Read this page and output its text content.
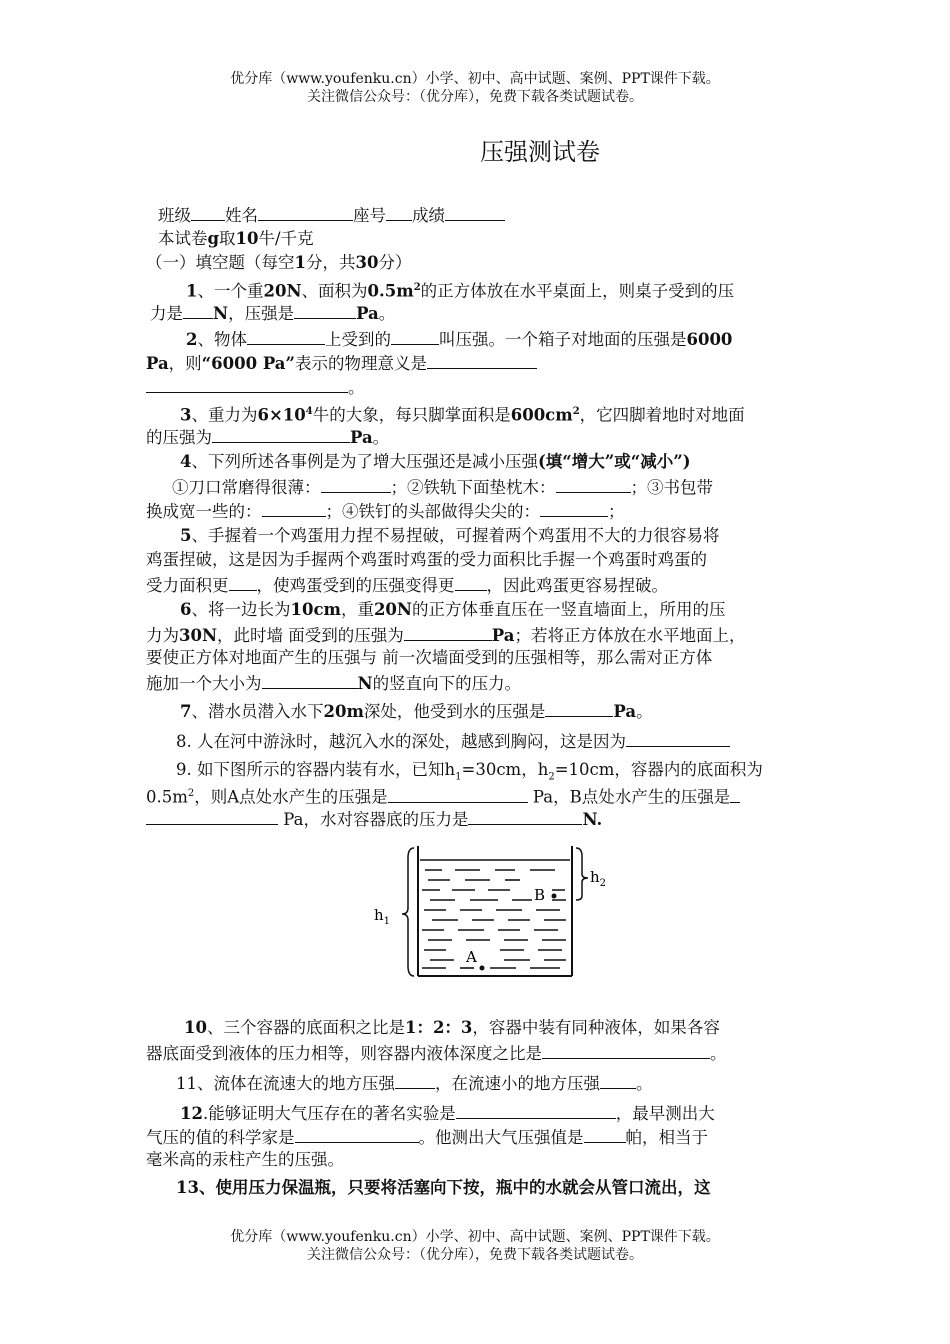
优分库（www.youfenku.cn）小学、初中、高中试题、案例、PPT课件下载。
关注微信公众号：（优分库），免费下载各类试题试卷。
压强测试卷
班级 姓名	座号 成绩
本试卷g取10牛/千克
（一）填空题（每空1分，共30分）
1、一个重20N、面积为$0.5m^2$的正方体放在水平桌面上，则桌子受到的压
力是 N，压强是	Pa。
2、物体	上受到的	叫压强。一个箱子对地面的压强是6000
Pa，则“6000 Pa”表示的物理意义是
。
3、重力为$6\times 10^4$牛的大象，每只脚掌面积是$600cm^2$，它四脚着地时对地面
的压强为	Pa。
4、下列所述各事例是为了增大压强还是减小压强(填“增大”或“减小”)
①刀口常磨得很薄：	；②铁轨下面垫枕木：	；③书包带
换成宽一些的：	；④铁钉的头部做得尖尖的：	；
5、手握着一个鸡蛋用力捏不易捏破，可握着两个鸡蛋用不大的力很容易将
鸡蛋捏破，这是因为手握两个鸡蛋时鸡蛋的受力面积比手握一个鸡蛋时鸡蛋的
受力面积更 ，使鸡蛋受到的压强变得更 ，因此鸡蛋更容易捏破。
6、将一边长为10cm，重20N的正方体垂直压在一竖直墙面上，所用的压
力为30N，此时墙 面受到的压强为	Pa；若将正方体放在水平地面上，
要使正方体对地面产生的压强与 前一次墙面受到的压强相等，那么需对正方体
施加一个大小为	N的竖直向下的压力。
7、潜水员潜入水下20m深处，他受到水的压强是	Pa。
8. 人在河中游泳时，越沉入水的深处，越感到胸闷，这是因为
9. 如下图所示的容器内装有水，已知$h_1=30cm$，$h_2=10cm$，容器内的底面积为
$0.5m^2$，则A点处水产生的压强是	Pa，B点处水产生的压强是
Pa，水对容器底的压力是	N.
$h_1$
$h_2$
B
A
10、三个容器的底面积之比是1：2：3，容器中装有同种液体，如果各容
器底面受到液体的压力相等，则容器内液体深度之比是	。
11、流体在流速大的地方压强 ，在流速小的地方压强 。
12.能够证明大气压存在的著名实验是	，最早测出大
气压的值的科学家是	。他测出大气压强值是	帕，相当于
毫米高的汞柱产生的压强。
13、使用压力保温瓶，只要将活塞向下按，瓶中的水就会从管口流出，这
优分库（www.youfenku.cn）小学、初中、高中试题、案例、PPT课件下载。
关注微信公众号：（优分库），免费下载各类试题试卷。
